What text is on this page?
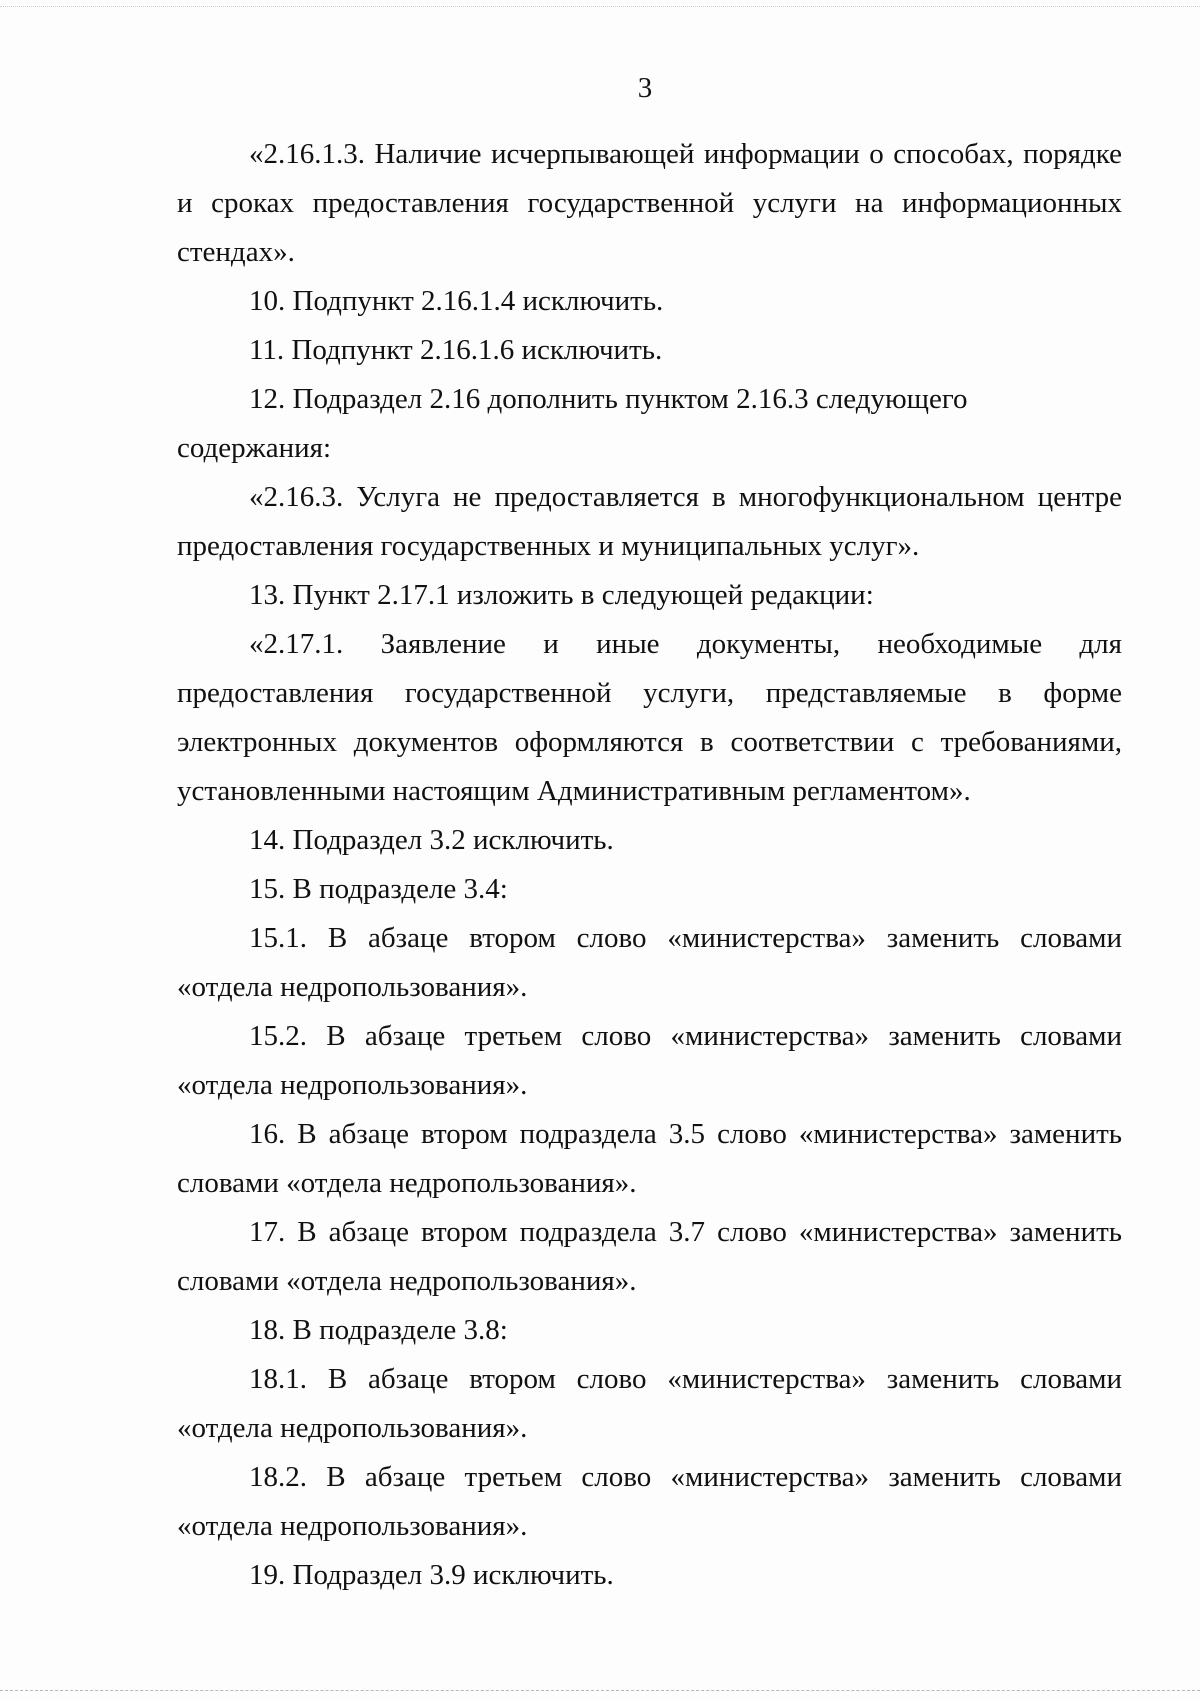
3

«2.16.1.3. Наличие исчерпывающей информации о способах, порядке и сроках предоставления государственной услуги на информационных стендах».

10. Подпункт 2.16.1.4 исключить.

11. Подпункт 2.16.1.6 исключить.

12. Подраздел 2.16 дополнить пунктом 2.16.3 следующего содержания:

«2.16.3. Услуга не предоставляется в многофункциональном центре предоставления государственных и муниципальных услуг».

13. Пункт 2.17.1 изложить в следующей редакции:

«2.17.1. Заявление и иные документы, необходимые для предоставления государственной услуги, представляемые в форме электронных документов оформляются в соответствии с требованиями, установленными настоящим Административным регламентом».

14. Подраздел 3.2 исключить.

15. В подразделе 3.4:

15.1. В абзаце втором слово «министерства» заменить словами «отдела недропользования».

15.2. В абзаце третьем слово «министерства» заменить словами «отдела недропользования».

16. В абзаце втором подраздела 3.5 слово «министерства» заменить словами «отдела недропользования».

17. В абзаце втором подраздела 3.7 слово «министерства» заменить словами «отдела недропользования».

18. В подразделе 3.8:

18.1. В абзаце втором слово «министерства» заменить словами «отдела недропользования».

18.2. В абзаце третьем слово «министерства» заменить словами «отдела недропользования».

19. Подраздел 3.9 исключить.
